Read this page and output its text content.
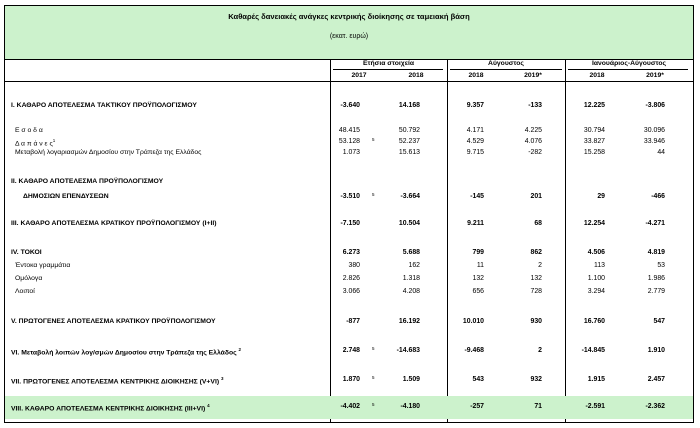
Καθαρές δανειακές ανάγκες κεντρικής διοίκησης σε ταμειακή βάση
(εκατ. ευρώ)
Ετήσια στοιχεία	Αύγουστος	Ιανουάριος-Αύγουστος
2017	2018	2018	2019*	2018	2019*
I. ΚΑΘΑΡΟ ΑΠΟΤΕΛΕΣΜΑ ΤΑΚΤΙΚΟΥ ΠΡΟΫΠΟΛΟΓΙΣΜΟΥ	-3.640	14.168	9.357	-133	12.225	-3.806
Ε σ ο δ α	48.415	50.792	4.171	4.225	30.794	30.096
Δ α π ά ν ε $\varsigma^1$	53.128	5	52.237	4.529	4.076	33.827	33.946
Μεταβολή λογαριασμών Δημοσίου στην Τράπεζα της Ελλάδος	1.073	15.613	9.715	-282	15.258	44
II. ΚΑΘΑΡΟ ΑΠΟΤΕΛΕΣΜΑ ΠΡΟΫΠΟΛΟΓΙΣΜΟΥ
ΔΗΜΟΣΙΩΝ ΕΠΕΝΔΥΣΕΩΝ	-3.510	5	-3.664	-145	201	29	-466
III. ΚΑΘΑΡΟ ΑΠΟΤΕΛΕΣΜΑ ΚΡΑΤΙΚΟΥ ΠΡΟΫΠΟΛΟΓΙΣΜΟΥ (I+II)	-7.150	10.504	9.211	68	12.254	-4.271
IV. ΤΟΚΟΙ	6.273	5.688	799	862	4.506	4.819
Έντοκα γραμμάτια	380	162	11	2	113	53
Ομόλογα	2.826	1.318	132	132	1.100	1.986
Λοιποί	3.066	4.208	656	728	3.294	2.779
V. ΠΡΩΤΟΓΕΝΕΣ ΑΠΟΤΕΛΕΣΜΑ ΚΡΑΤΙΚΟΥ ΠΡΟΫΠΟΛΟΓΙΣΜΟΥ	-877	16.192	10.010	930	16.760	547
VI. Μεταβολή λοιπών λογ/σμών Δημοσίου στην Τράπεζα της Ελλάδος $^2$	2.748	5	-14.683	-9.468	2	-14.845	1.910
VII. ΠΡΩΤΟΓΕΝΕΣ ΑΠΟΤΕΛΕΣΜΑ ΚΕΝΤΡΙΚΗΣ ΔΙΟΙΚΗΣΗΣ (V+VI) $^3$	1.870	5	1.509	543	932	1.915	2.457
VIII. ΚΑΘΑΡΟ ΑΠΟΤΕΛΕΣΜΑ ΚΕΝΤΡΙΚΗΣ ΔΙΟΙΚΗΣΗΣ (III+VI) $^4$	-4.402	5	-4.180	-257	71	-2.591	-2.362
